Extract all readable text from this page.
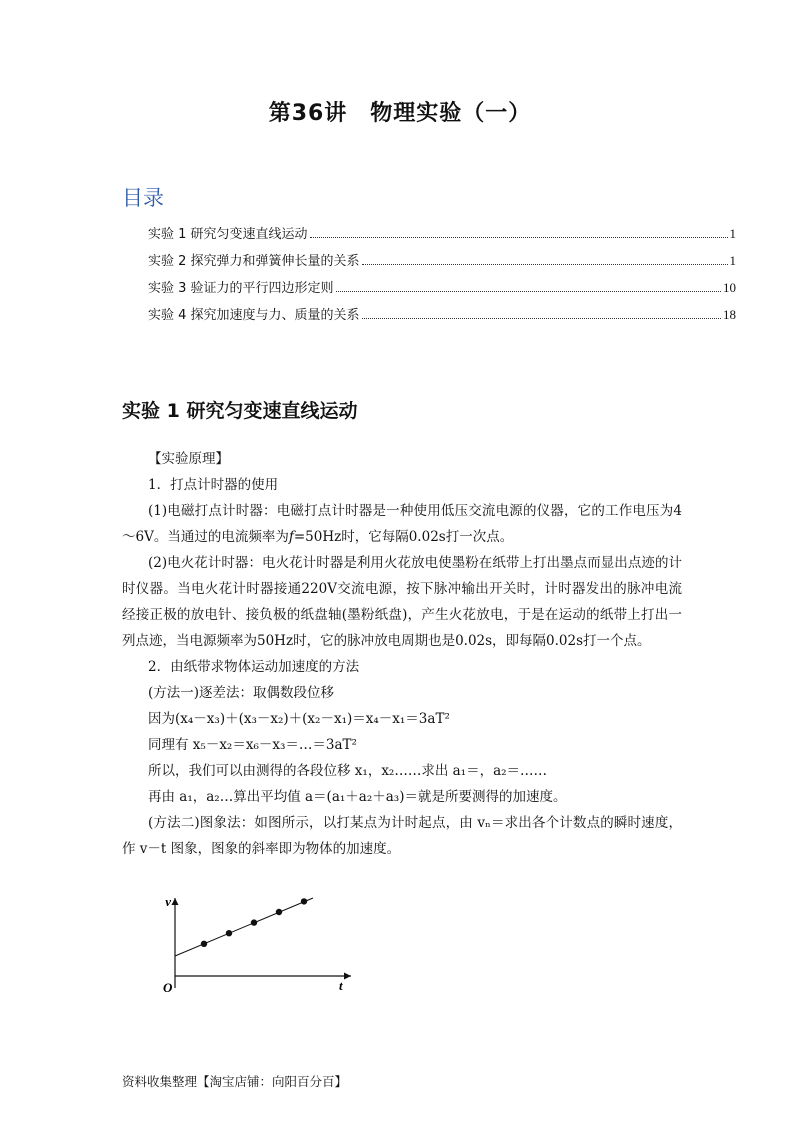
第36讲　物理实验（一）
目录
实验 1 研究匀变速直线运动	1
实验 2 探究弹力和弹簧伸长量的关系	1
实验 3 验证力的平行四边形定则	10
实验 4 探究加速度与力、质量的关系	18
实验 1 研究匀变速直线运动

【实验原理】

1．打点计时器的使用

(1)电磁打点计时器：电磁打点计时器是一种使用低压交流电源的仪器，它的工作电压为4～6V。当通过的电流频率为f=50Hz时，它每隔0.02s打一次点。

(2)电火花计时器：电火花计时器是利用火花放电使墨粉在纸带上打出墨点而显出点迹的计时仪器。当电火花计时器接通220V交流电源，按下脉冲输出开关时，计时器发出的脉冲电流经接正极的放电针、接负极的纸盘轴(墨粉纸盘)，产生火花放电，于是在运动的纸带上打出一列点迹，当电源频率为50Hz时，它的脉冲放电周期也是0.02s，即每隔0.02s打一个点。

2．由纸带求物体运动加速度的方法

(方法一)逐差法：取偶数段位移

因为(x₄－x₃)＋(x₃－x₂)＋(x₂－x₁)＝x₄－x₁＝3aT²

同理有 x₅－x₂＝x₆－x₃＝…＝3aT²

所以，我们可以由测得的各段位移 x₁，x₂……求出 a₁＝，a₂＝……

再由 a₁，a₂…算出平均值 a＝(a₁＋a₂＋a₃)＝就是所要测得的加速度。

(方法二)图象法：如图所示，以打某点为计时起点，由 vₙ＝求出各个计数点的瞬时速度，作 v－t 图象，图象的斜率即为物体的加速度。

v
t
O
资料收集整理【淘宝店铺：向阳百分百】
